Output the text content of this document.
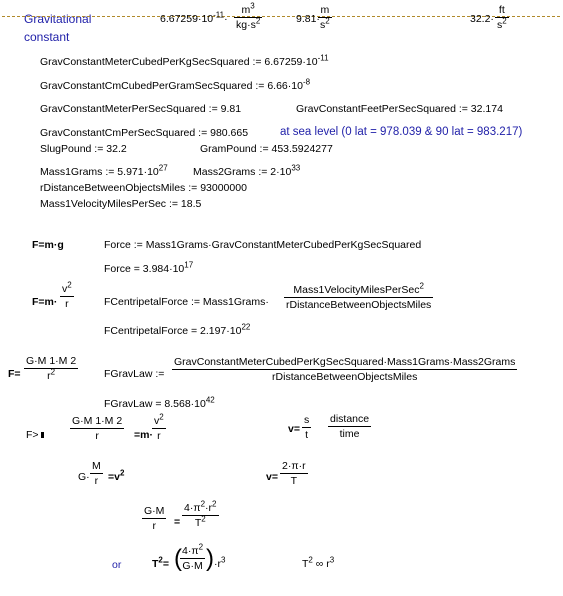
Gravitational
constant
$6.67259\cdot 10^{-11}\cdot$
$m^3$
$kg\cdot s^2$	9.81·
m
$s^2$	32.2·
ft
$s^2$
GravConstantMeterCubedPerKgSecSquared := $6.67259\cdot 10^{-11}$
GravConstantCmCubedPerGramSecSquared := $6.66\cdot 10^{-8}$
GravConstantMeterPerSecSquared := 9.81	GravConstantFeetPerSecSquared := 32.174
GravConstantCmPerSecSquared := 980.665	at sea level (0 lat = 978.039 & 90 lat = 983.217)
SlugPound := 32.2	GramPound := 453.5924277
Mass1Grams := $5.971\cdot 10^{27}$ Mass2Grams := $2\cdot 10^{33}$
rDistanceBetweenObjectsMiles := 93000000
Mass1VelocityMilesPerSec := 18.5
F=m·g	Force := Mass1Grams·GravConstantMeterCubedPerKgSecSquared
Force = $3.984\cdot 10^{17}$
F=m·
$v^2$
r	FCentripetalForce := Mass1Grams·
Mass1VelocityMilesPerSec$^2$
rDistanceBetweenObjectsMiles
FCentripetalForce = $2.197\cdot 10^{22}$
F=
G·M 1·M 2
$r^2$	FGravLaw :=
GravConstantMeterCubedPerKgSecSquared·Mass1Grams·Mass2Grams
rDistanceBetweenObjectsMiles
FGravLaw = $8.568\cdot 10^{42}$
F>
G·M 1·M 2
r	=m·
$v^2$
r
v=
s
t
distance
time
G·
M
$r =v^2$	v=
2·π·r
T
G·M
r =
$4\cdot\pi^2\cdot r^2$
$T^2$
or	$T^2=$ ( $4\cdot\pi^2$
G·M ) $\cdot r^3$	$T^2$ ∞ $r^3$
